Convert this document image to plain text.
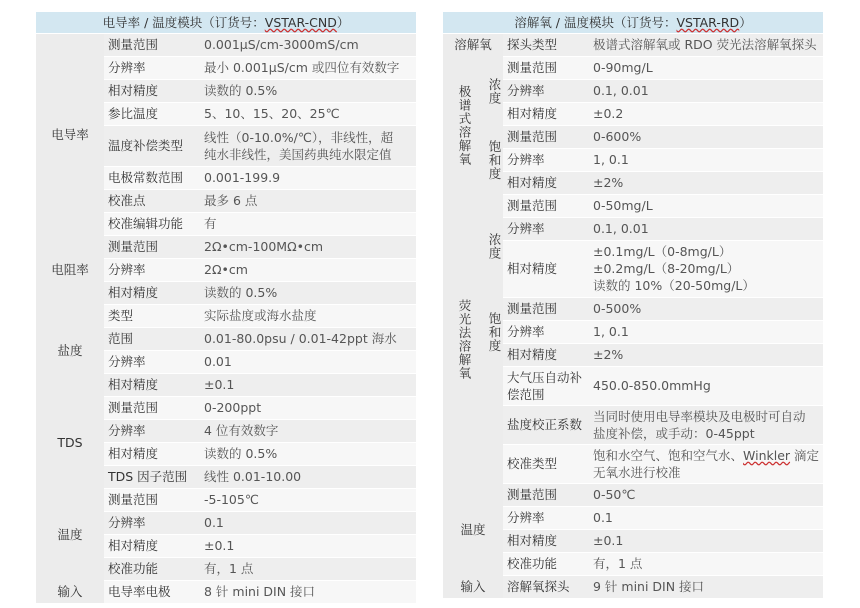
电导率 / 温度模块（订货号：VSTAR-CND）		
电导率	测量范围	0.001μS/cm-3000mS/cm
	分辨率	最小 0.001μS/cm 或四位有效数字
	相对精度	读数的 0.5%
	参比温度	5、10、15、20、25℃
	温度补偿类型	线性（0-10.0%/℃），非线性，超
纯水非线性，美国药典纯水限定值

	电极常数范围	0.001-199.9
	校准点	最多 6 点
	校准编辑功能	有
电阻率	测量范围	2Ω•cm-100MΩ•cm
	分辨率	2Ω•cm
	相对精度	读数的 0.5%
盐度	类型	实际盐度或海水盐度
	范围	0.01-80.0psu / 0.01-42ppt 海水
	分辨率	0.01
	相对精度	±0.1
TDS	测量范围	0-200ppt
	分辨率	4 位有效数字
	相对精度	读数的 0.5%
	TDS 因子范围	线性 0.01-10.00
温度	测量范围	-5-105℃
	分辨率	0.1
	相对精度	±0.1
	校准功能	有，1 点
输入	电导率电极	8 针 mini DIN 接口
溶解氧 / 温度模块（订货号：VSTAR-RD）			
溶解氧		探头类型	极谱式溶解氧或 RDO 荧光法溶解氧探头

极谱式溶解氧	浓度	测量范围	0-90mg/L
		分辨率	0.1, 0.01
		相对精度	±0.2

	饱和度	测量范围	0-600%
		分辨率	1, 0.1
		相对精度	±2%

荧光法溶解氧	浓度	测量范围	0-50mg/L
		分辨率	0.1, 0.01
		相对精度	±0.1mg/L（0-8mg/L）
±0.2mg/L（8-20mg/L）
读数的 10%（20-50mg/L）

	饱和度	测量范围	0-500%
		分辨率	1, 0.1
		相对精度	±2%

		大气压自动补
偿范围	450.0-850.0mmHg
		盐度校正系数	当同时使用电导率模块及电极时可自动
盐度补偿，或手动：0-45ppt

		校准类型	饱和水空气、饱和空气水、Winkler 滴定
无氧水进行校准

温度		测量范围	0-50℃
		分辨率	0.1
		相对精度	±0.1
		校准功能	有，1 点
输入		溶解氧探头	9 针 mini DIN 接口
